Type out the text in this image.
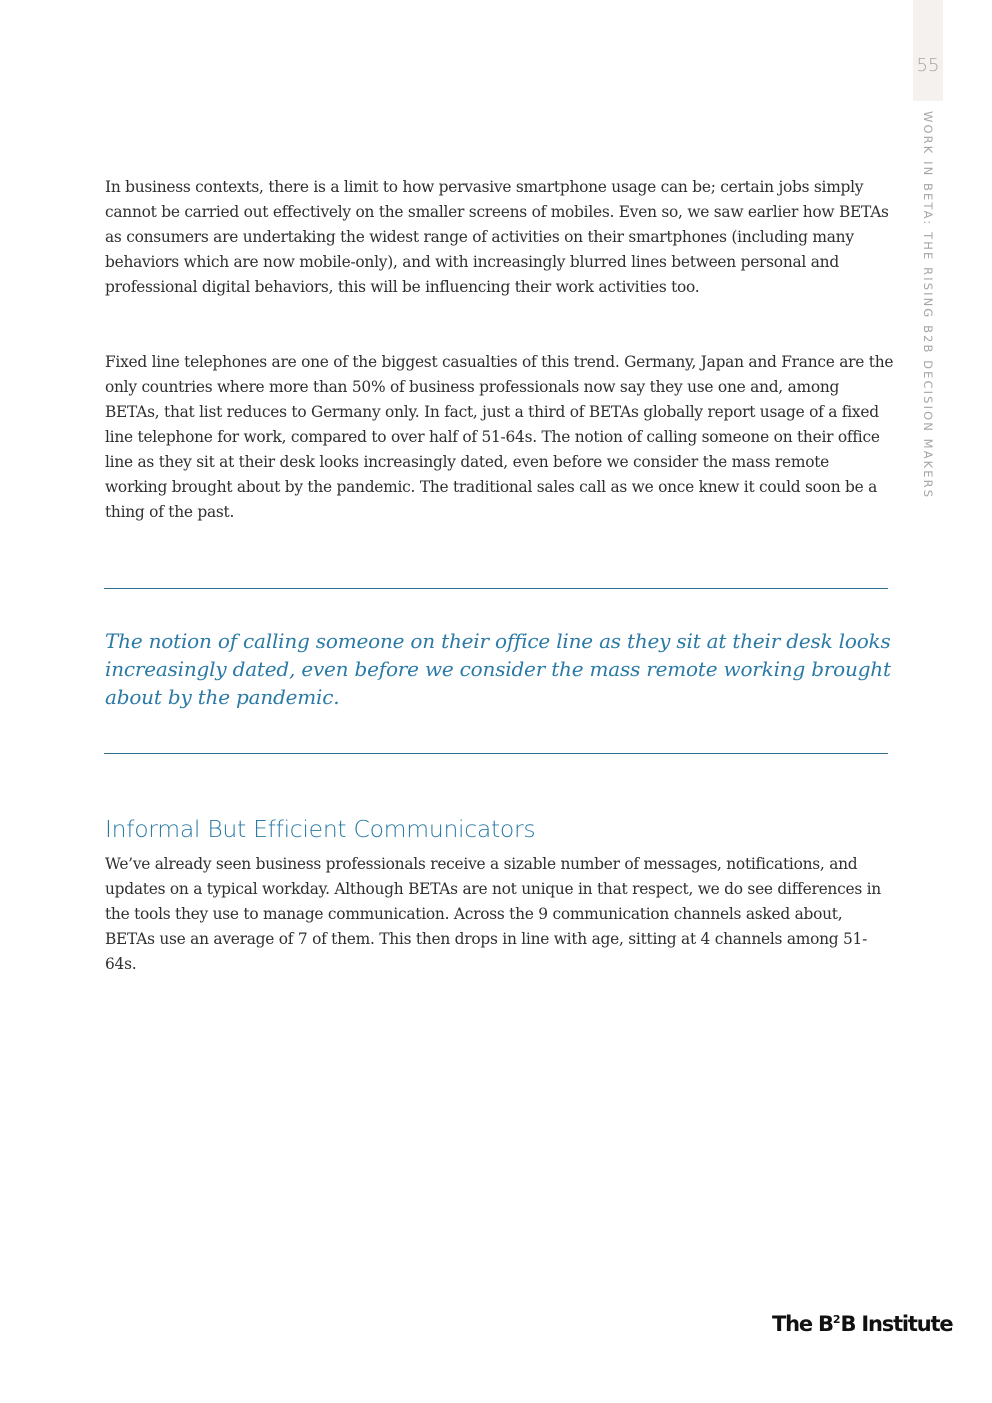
55
WORK IN BETA: THE RISING B2B DECISION MAKERS

In business contexts, there is a limit to how pervasive smartphone usage can be; certain jobs simply cannot be carried out effectively on the smaller screens of mobiles. Even so, we saw earlier how BETAs as consumers are undertaking the widest range of activities on their smartphones (including many behaviors which are now mobile-only), and with increasingly blurred lines between personal and professional digital behaviors, this will be influencing their work activities too.

Fixed line telephones are one of the biggest casualties of this trend. Germany, Japan and France are the only countries where more than 50% of business professionals now say they use one and, among BETAs, that list reduces to Germany only. In fact, just a third of BETAs globally report usage of a fixed line telephone for work, compared to over half of 51-64s. The notion of calling someone on their office line as they sit at their desk looks increasingly dated, even before we consider the mass remote working brought about by the pandemic. The traditional sales call as we once knew it could soon be a thing of the past.

The notion of calling someone on their office line as they sit at their desk looks increasingly dated, even before we consider the mass remote working brought about by the pandemic.

Informal But Efficient Communicators

We’ve already seen business professionals receive a sizable number of messages, notifications, and updates on a typical workday. Although BETAs are not unique in that respect, we do see differences in the tools they use to manage communication. Across the 9 communication channels asked about, BETAs use an average of 7 of them. This then drops in line with age, sitting at 4 channels among 51-64s.

The $B^2B$ Institute
